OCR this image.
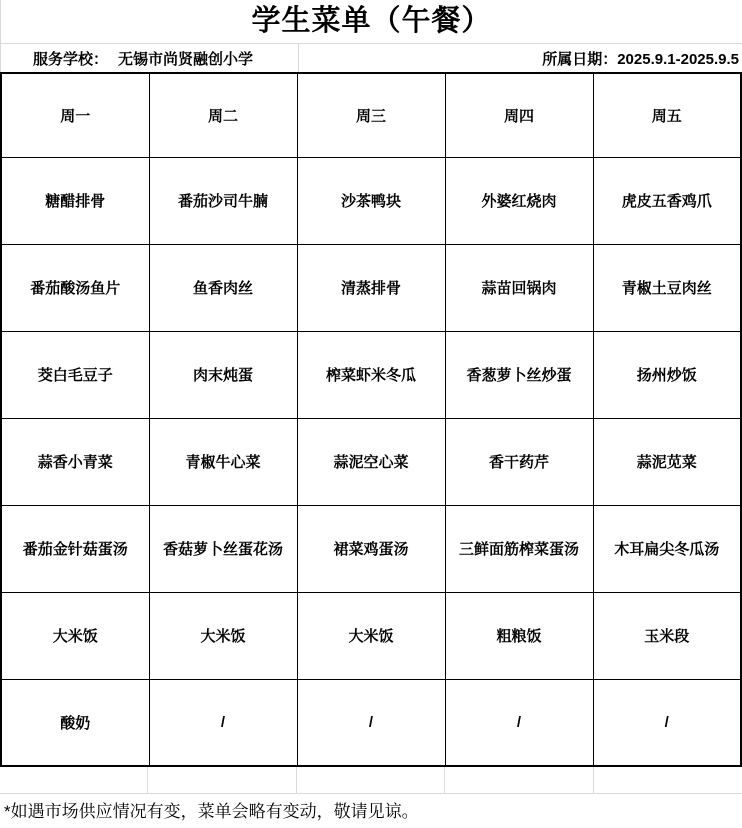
学生菜单（午餐）
服务学校： 无锡市尚贤融创小学	所属日期：2025.9.1-2025.9.5
周一	周二	周三	周四	周五
糖醋排骨	番茄沙司牛腩	沙茶鸭块	外婆红烧肉	虎皮五香鸡爪
番茄酸汤鱼片	鱼香肉丝	清蒸排骨	蒜苗回锅肉	青椒土豆肉丝
茭白毛豆子	肉末炖蛋	榨菜虾米冬瓜	香葱萝卜丝炒蛋	扬州炒饭
蒜香小青菜	青椒牛心菜	蒜泥空心菜	香干药芹	蒜泥苋菜
番茄金针菇蛋汤	香菇萝卜丝蛋花汤	裙菜鸡蛋汤	三鲜面筋榨菜蛋汤	木耳扁尖冬瓜汤
大米饭	大米饭	大米饭	粗粮饭	玉米段
酸奶	/	/	/	/
*如遇市场供应情况有变，菜单会略有变动，敬请见谅。
